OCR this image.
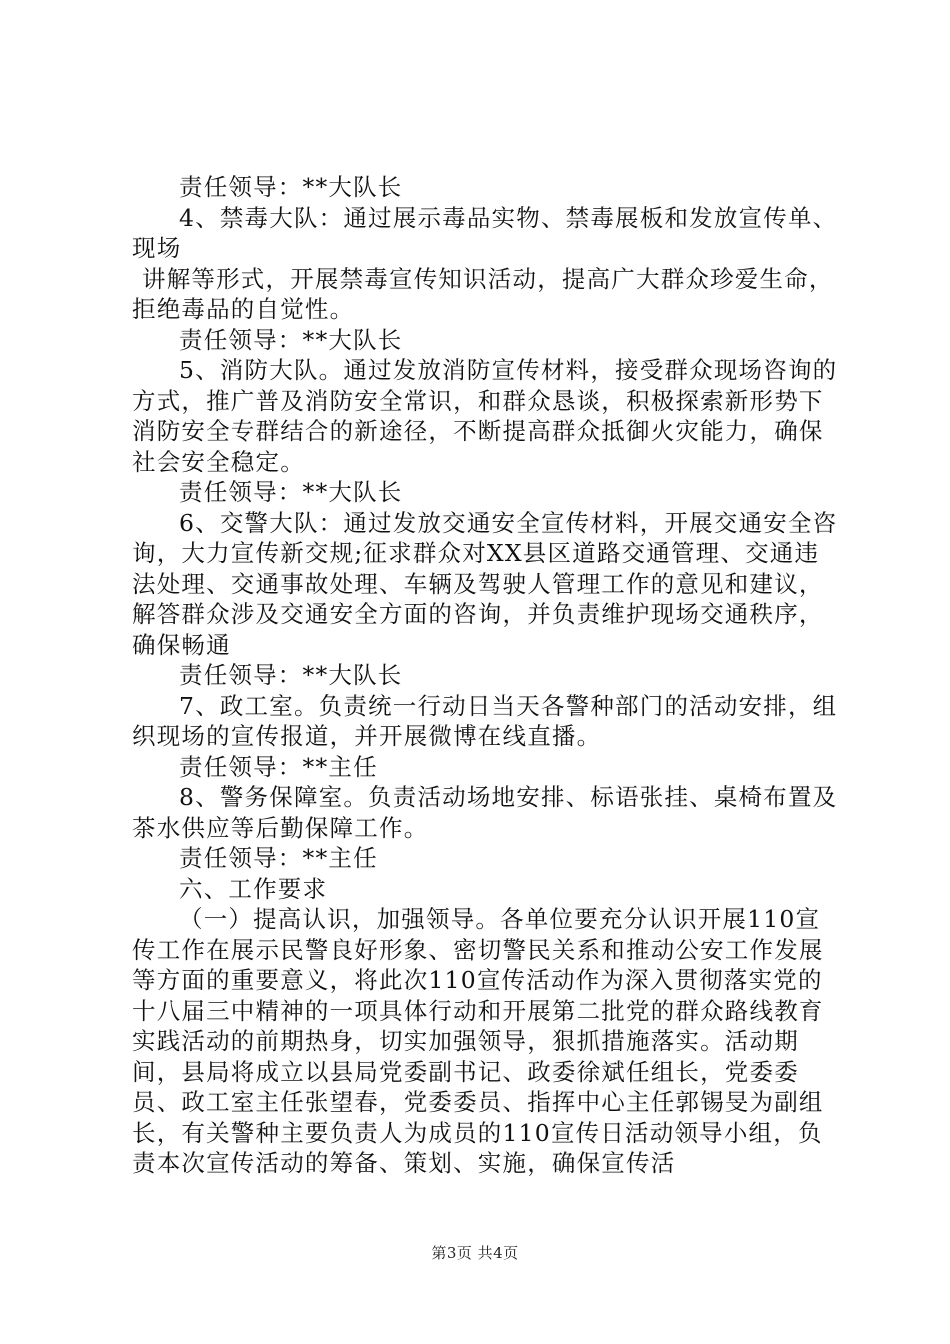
责任领导：**大队长

4、禁毒大队：通过展示毒品实物、禁毒展板和发放宣传单、现场

讲解等形式，开展禁毒宣传知识活动，提高广大群众珍爱生命，拒绝毒品的自觉性。

责任领导：**大队长

5、消防大队。通过发放消防宣传材料，接受群众现场咨询的方式，推广普及消防安全常识，和群众恳谈，积极探索新形势下消防安全专群结合的新途径，不断提高群众抵御火灾能力，确保社会安全稳定。

责任领导：**大队长

6、交警大队：通过发放交通安全宣传材料，开展交通安全咨询，大力宣传新交规;征求群众对XX县区道路交通管理、交通违法处理、交通事故处理、车辆及驾驶人管理工作的意见和建议，解答群众涉及交通安全方面的咨询，并负责维护现场交通秩序，确保畅通

责任领导：**大队长

7、政工室。负责统一行动日当天各警种部门的活动安排，组织现场的宣传报道，并开展微博在线直播。

责任领导：**主任

8、警务保障室。负责活动场地安排、标语张挂、桌椅布置及茶水供应等后勤保障工作。

责任领导：**主任

六、工作要求

（一）提高认识，加强领导。各单位要充分认识开展110宣传工作在展示民警良好形象、密切警民关系和推动公安工作发展等方面的重要意义，将此次110宣传活动作为深入贯彻落实党的十八届三中精神的一项具体行动和开展第二批党的群众路线教育实践活动的前期热身，切实加强领导，狠抓措施落实。活动期间，县局将成立以县局党委副书记、政委徐斌任组长，党委委员、政工室主任张望春，党委委员、指挥中心主任郭锡旻为副组长，有关警种主要负责人为成员的110宣传日活动领导小组，负责本次宣传活动的筹备、策划、实施，确保宣传活

第3页 共4页
